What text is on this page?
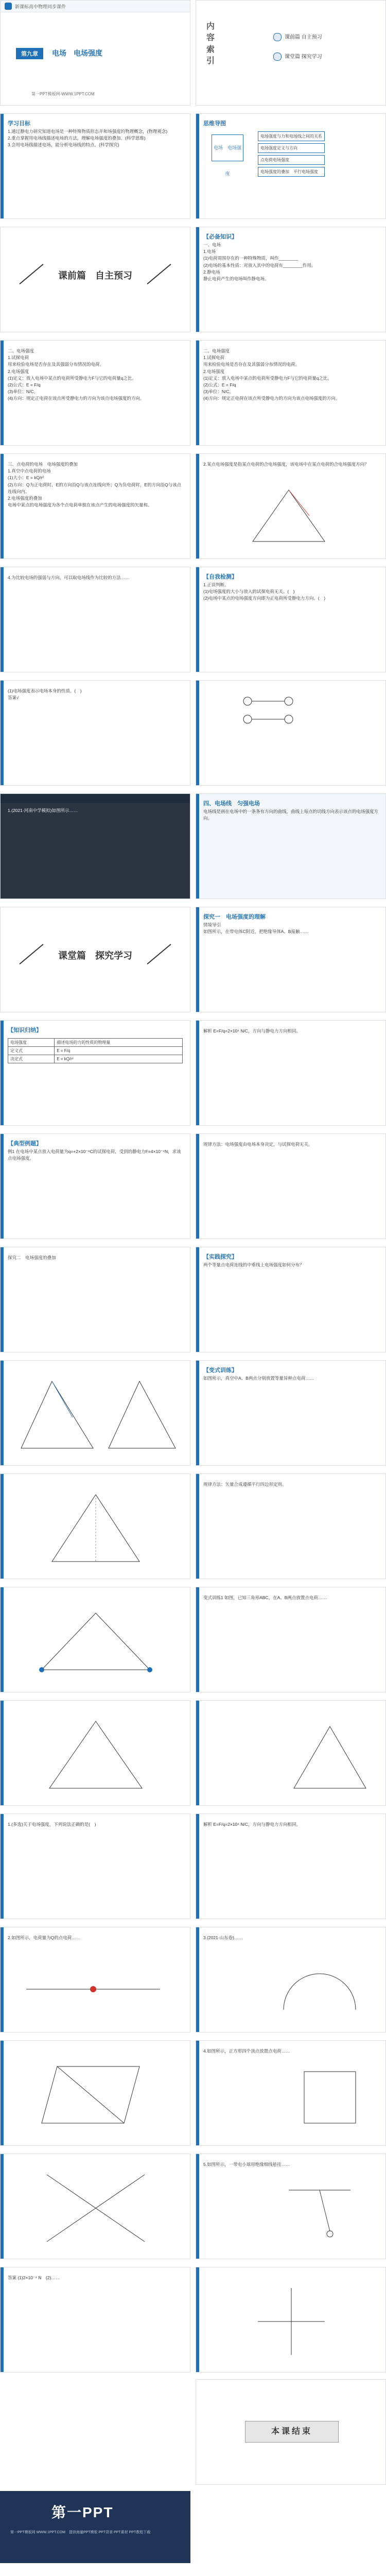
新课标高中物理同步课件
第九章	电场　电场强度
第一PPT模板网-WWW.1PPT.COM
内容索引
课前篇 自主预习
课堂篇 探究学习
学习目标
1.通过静电力研究知道电场是一种特殊物质形态并和场强度的物理概念，(物理观念)
2.重点掌握用电场线描述电场的方法，理解电场强度的叠加。(科学思维)
3.会用电场线描述电场，能分析电场线的特点，(科学探究)
思维导图
电场　电场强度
电场强度与力和电场线之间的关系
电场强度定义与方向
点电荷电场强度
电场强度的叠加　平行电场强度
课前篇　自主预习
【必备知识】
一、电场
1.电场
(1)电荷周围存在的一种特殊物质，叫作________
(2)电场的基本性质：对放入其中的电荷有________作用。
2.静电场
静止电荷产生的电场叫作静电场。
二、电场强度
1.试探电荷
用来检验电场是否存在及其强弱分布情况的电荷。
2.电场强度
(1)定义：放入电场中某点的电荷所受静电力F与它的电荷量q之比。
(2)公式：E = F/q
(3)单位：N/C。
(4)方向：规定正电荷在该点所受静电力的方向为该点电场强度的方向。
二、电场强度
1.试探电荷
用来检验电场是否存在及其强弱分布情况的电荷。
2.电场强度
(1)定义：放入电场中某点的电荷所受静电力F与它的电荷量q之比。
(2)公式：E = F/q
(3)单位：N/C。
(4)方向：规定正电荷在该点所受静电力的方向为该点电场强度的方向。
三、点电荷的电场　电场强度的叠加
1.真空中点电荷的电场
(1)大小：E = kQ/r²
(2)方向：Q为正电荷时，E的方向沿Q与该点连线向外；Q为负电荷时，E的方向沿Q与该点连线向内。
2.电场强度的叠加
电场中某点的电场强度为各个点电荷单独在该点产生的电场强度的矢量和。
2.某点电场强度是指某点电荷的合电场强度，该电场中在某点电荷的合电场强度方向？
4.为比较电场的强弱与方向，可以取电场线作为比较的方法……	【自我检测】
1.正误判断。
(1)电场强度的大小与放入的试探电荷无关。(　)
(2)电场中某点的电场强度方向即为正电荷所受静电力方向。(　)
(1)电场强度表示电场本身的性质。(　)
答案√
1.(2021·河南中学模拟)如图所示……
四、电场线　匀强电场
电场线是画在电场中的一条条有方向的曲线，曲线上每点的切线方向表示该点的电场强度方向。
课堂篇　探究学习
探究一　电场强度的理解
情境导引
如图所示，在带电体C附近，把绝缘导体A、B接触……
【知识归纳】
电场强度	描述电场的力的性质的物理量
定义式	E = F/q
决定式	E = kQ/r²
解析 E=F/q=2×10⁴ N/C，方向与静电力方向相同。
【典型例题】
例1 在电场中某点放入电荷量为q=+2×10⁻⁸C的试探电荷，受到的静电力F=4×10⁻⁴N，求该点电场强度。
规律方法：电场强度由电场本身决定，与试探电荷无关。
探究二　电场强度的叠加	【实践探究】
两个等量点电荷连线的中垂线上电场强度如何分布？
【变式训练】
如图所示，真空中A、B两点分别放置等量异种点电荷……
规律方法：矢量合成遵循平行四边形定则。
变式训练1 如图，已知三角形ABC，在A、B两点放置点电荷……
1.(多选)关于电场强度，下列说法正确的是(　)	解析 E=F/q=2×10⁴ N/C，方向与静电力方向相同。
2.如图所示，电荷量为Q的点电荷……	3.(2021·山东卷)……
4.如图所示，正方形四个顶点放置点电荷……
5.如图所示，一带电小球用绝缘细线悬挂……
答案 (1)2×10⁻⁴ N　(2)……
本课结束
第一PPT
第一PPT模板网 WWW.1PPT.COM　提供海量PPT模板 PPT背景 PPT素材 PPT教程下载
